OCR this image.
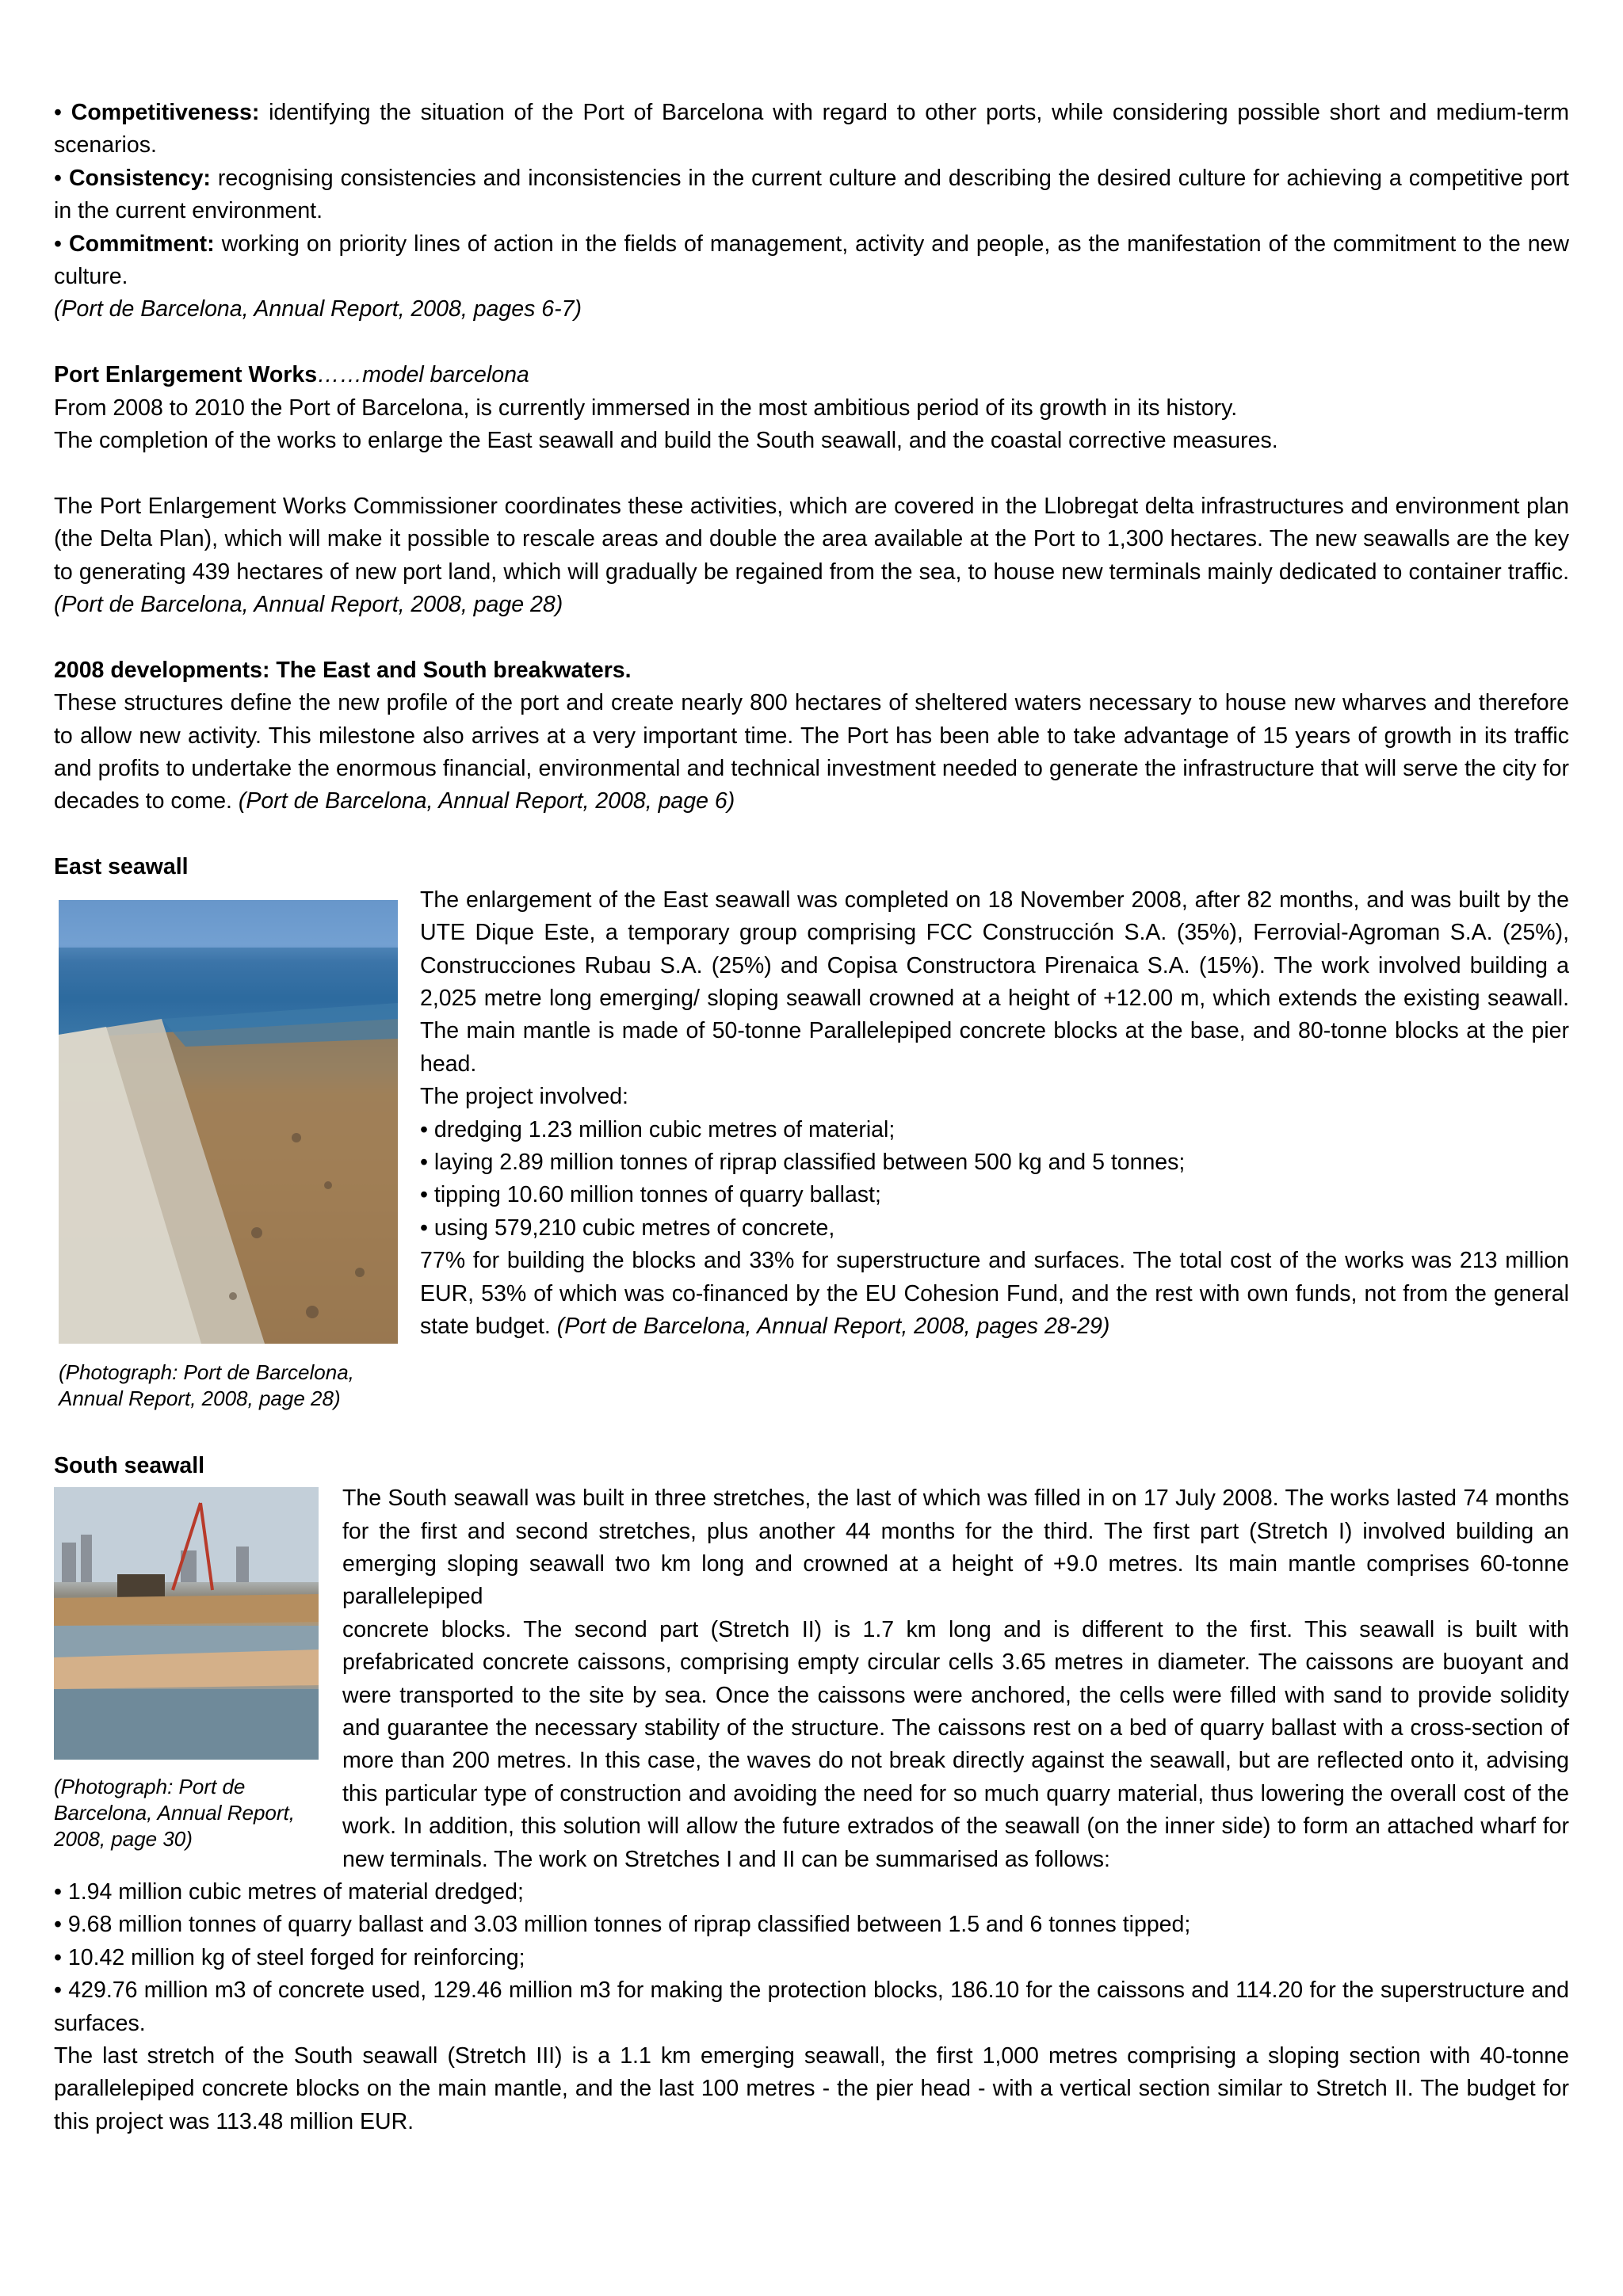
• Competitiveness: identifying the situation of the Port of Barcelona with regard to other ports, while considering possible short and medium-term scenarios.

• Consistency: recognising consistencies and inconsistencies in the current culture and describing the desired culture for achieving a competitive port in the current environment.

• Commitment: working on priority lines of action in the fields of management, activity and people, as the manifestation of the commitment to the new culture.

(Port de Barcelona, Annual Report, 2008, pages 6-7)

Port Enlargement Works……model barcelona

From 2008 to 2010 the Port of Barcelona, is currently immersed in the most ambitious period of its growth in its history.

The completion of the works to enlarge the East seawall and build the South seawall, and the coastal corrective measures.

The Port Enlargement Works Commissioner coordinates these activities, which are covered in the Llobregat delta infrastructures and environment plan (the Delta Plan), which will make it possible to rescale areas and double the area available at the Port to 1,300 hectares. The new seawalls are the key to generating 439 hectares of new port land, which will gradually be regained from the sea, to house new terminals mainly dedicated to container traffic. (Port de Barcelona, Annual Report, 2008, page 28)

2008 developments: The East and South breakwaters.

These structures define the new profile of the port and create nearly 800 hectares of sheltered waters necessary to house new wharves and therefore to allow new activity. This milestone also arrives at a very important time. The Port has been able to take advantage of 15 years of growth in its traffic and profits to undertake the enormous financial, environmental and technical investment needed to generate the infrastructure that will serve the city for decades to come. (Port de Barcelona, Annual Report, 2008, page 6)

East seawall

(Photograph: Port de Barcelona, Annual Report, 2008, page 28)

The enlargement of the East seawall was completed on 18 November 2008, after 82 months, and was built by the UTE Dique Este, a temporary group comprising FCC Construcción S.A. (35%), Ferrovial-Agroman S.A. (25%), Construcciones Rubau S.A. (25%) and Copisa Constructora Pirenaica S.A. (15%). The work involved building a 2,025 metre long emerging/ sloping seawall crowned at a height of +12.00 m, which extends the existing seawall. The main mantle is made of 50-tonne Parallelepiped concrete blocks at the base, and 80-tonne blocks at the pier head.

The project involved:

• dredging 1.23 million cubic metres of material;

• laying 2.89 million tonnes of riprap classified between 500 kg and 5 tonnes;

• tipping 10.60 million tonnes of quarry ballast;

• using 579,210 cubic metres of concrete,

77% for building the blocks and 33% for superstructure and surfaces. The total cost of the works was 213 million EUR, 53% of which was co-financed by the EU Cohesion Fund, and the rest with own funds, not from the general state budget. (Port de Barcelona, Annual Report, 2008, pages 28-29)

South seawall

(Photograph: Port de Barcelona, Annual Report, 2008, page 30)

The South seawall was built in three stretches, the last of which was filled in on 17 July 2008. The works lasted 74 months for the first and second stretches, plus another 44 months for the third. The first part (Stretch I) involved building an emerging sloping seawall two km long and crowned at a height of +9.0 metres. Its main mantle comprises 60-tonne parallelepiped

concrete blocks. The second part (Stretch II) is 1.7 km long and is different to the first. This seawall is built with prefabricated concrete caissons, comprising empty circular cells 3.65 metres in diameter. The caissons are buoyant and were transported to the site by sea. Once the caissons were anchored, the cells were filled with sand to provide solidity and guarantee the necessary stability of the structure. The caissons rest on a bed of quarry ballast with a cross-section of more than 200 metres. In this case, the waves do not break directly against the seawall, but are reflected onto it, advising this particular type of construction and avoiding the need for so much quarry material, thus lowering the overall cost of the work. In addition, this solution will allow the future extrados of the seawall (on the inner side) to form an attached wharf for new terminals. The work on Stretches I and II can be summarised as follows:

• 1.94 million cubic metres of material dredged;

• 9.68 million tonnes of quarry ballast and 3.03 million tonnes of riprap classified between 1.5 and 6 tonnes tipped;

• 10.42 million kg of steel forged for reinforcing;

• 429.76 million m3 of concrete used, 129.46 million m3 for making the protection blocks, 186.10 for the caissons and 114.20 for the superstructure and surfaces.

The last stretch of the South seawall (Stretch III) is a 1.1 km emerging seawall, the first 1,000 metres comprising a sloping section with 40-tonne parallelepiped concrete blocks on the main mantle, and the last 100 metres - the pier head - with a vertical section similar to Stretch II. The budget for this project was 113.48 million EUR.
